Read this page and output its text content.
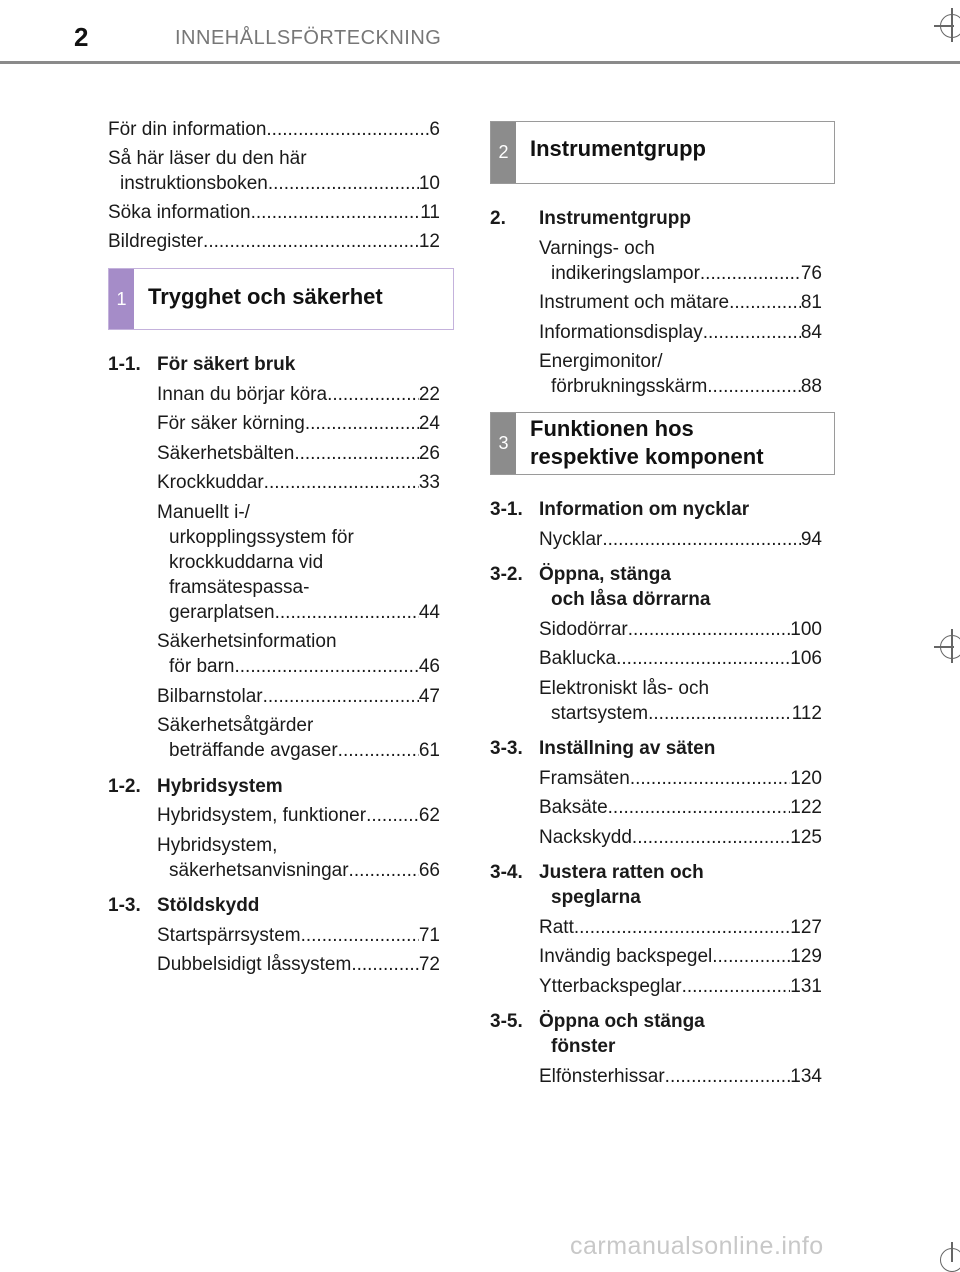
2	INNEHÅLLSFÖRTECKNING
För din information .....	6
Så här läser du den här
instruktionsboken .....	10
Söka information .....	11
Bildregister .....	12
1 Trygghet och säkerhet
1-1. För säkert bruk
Innan du börjar köra .....	22
För säker körning .....	24
Säkerhetsbälten .....	26
Krockkuddar .....	33
Manuellt i-/
urkopplingssystem för
krockkuddarna vid
framsätespassa-
gerarplatsen .....	44
Säkerhetsinformation
för barn .....	46
Bilbarnstolar .....	47
Säkerhetsåtgärder
beträffande avgaser .....	61
1-2. Hybridsystem
Hybridsystem, funktioner .....	62
Hybridsystem,
säkerhetsanvisningar .....	66
1-3. Stöldskydd
Startspärrsystem .....	71
Dubbelsidigt låssystem .....	72
2 Instrumentgrupp
3
Funktionen hos
respektive komponent
2. Instrumentgrupp
Varnings- och
indikeringslampor .....	76
Instrument och mätare .....	81
Informationsdisplay .....	84
Energimonitor/
förbrukningsskärm .....	88
3-1. Information om nycklar
Nycklar .....	94
3-2. Öppna, stänga
och låsa dörrarna
Sidodörrar .....	100
Baklucka .....	106
Elektroniskt lås- och
startsystem .....	112
3-3. Inställning av säten
Framsäten .....	120
Baksäte .....	122
Nackskydd .....	125
3-4. Justera ratten och
speglarna
Ratt .....	127
Invändig backspegel .....	129
Ytterbackspeglar .....	131
3-5. Öppna och stänga
fönster
Elfönsterhissar .....	134
carmanualsonline.info
